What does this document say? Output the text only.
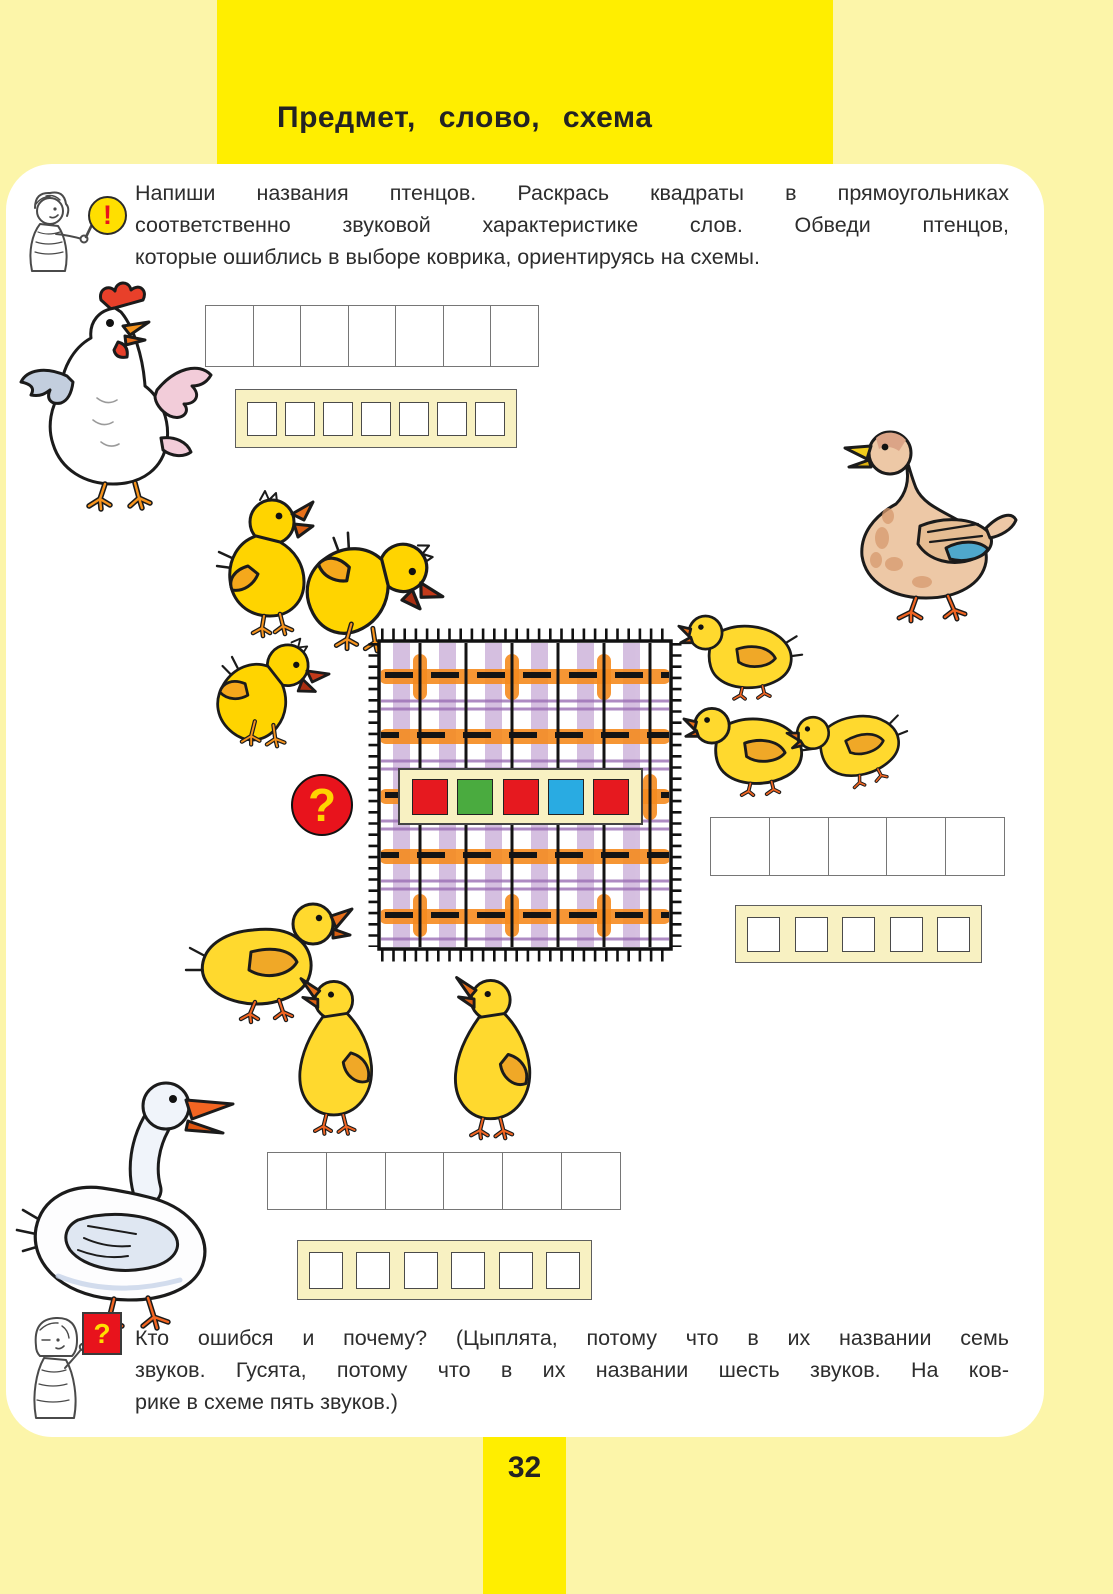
Предмет, слово, схема
!
Напиши названия птенцов. Раскрась квадраты в прямоугольниках
соответственно звуковой характеристике слов. Обведи птенцов,
которые ошиблись в выборе коврика, ориентируясь на схемы.
?
?	Кто ошибся и почему? (Цыплята, потому что в их названии семь
звуков. Гусята, потому что в их названии шесть звуков. На ков-
рике в схеме пять звуков.)
32
